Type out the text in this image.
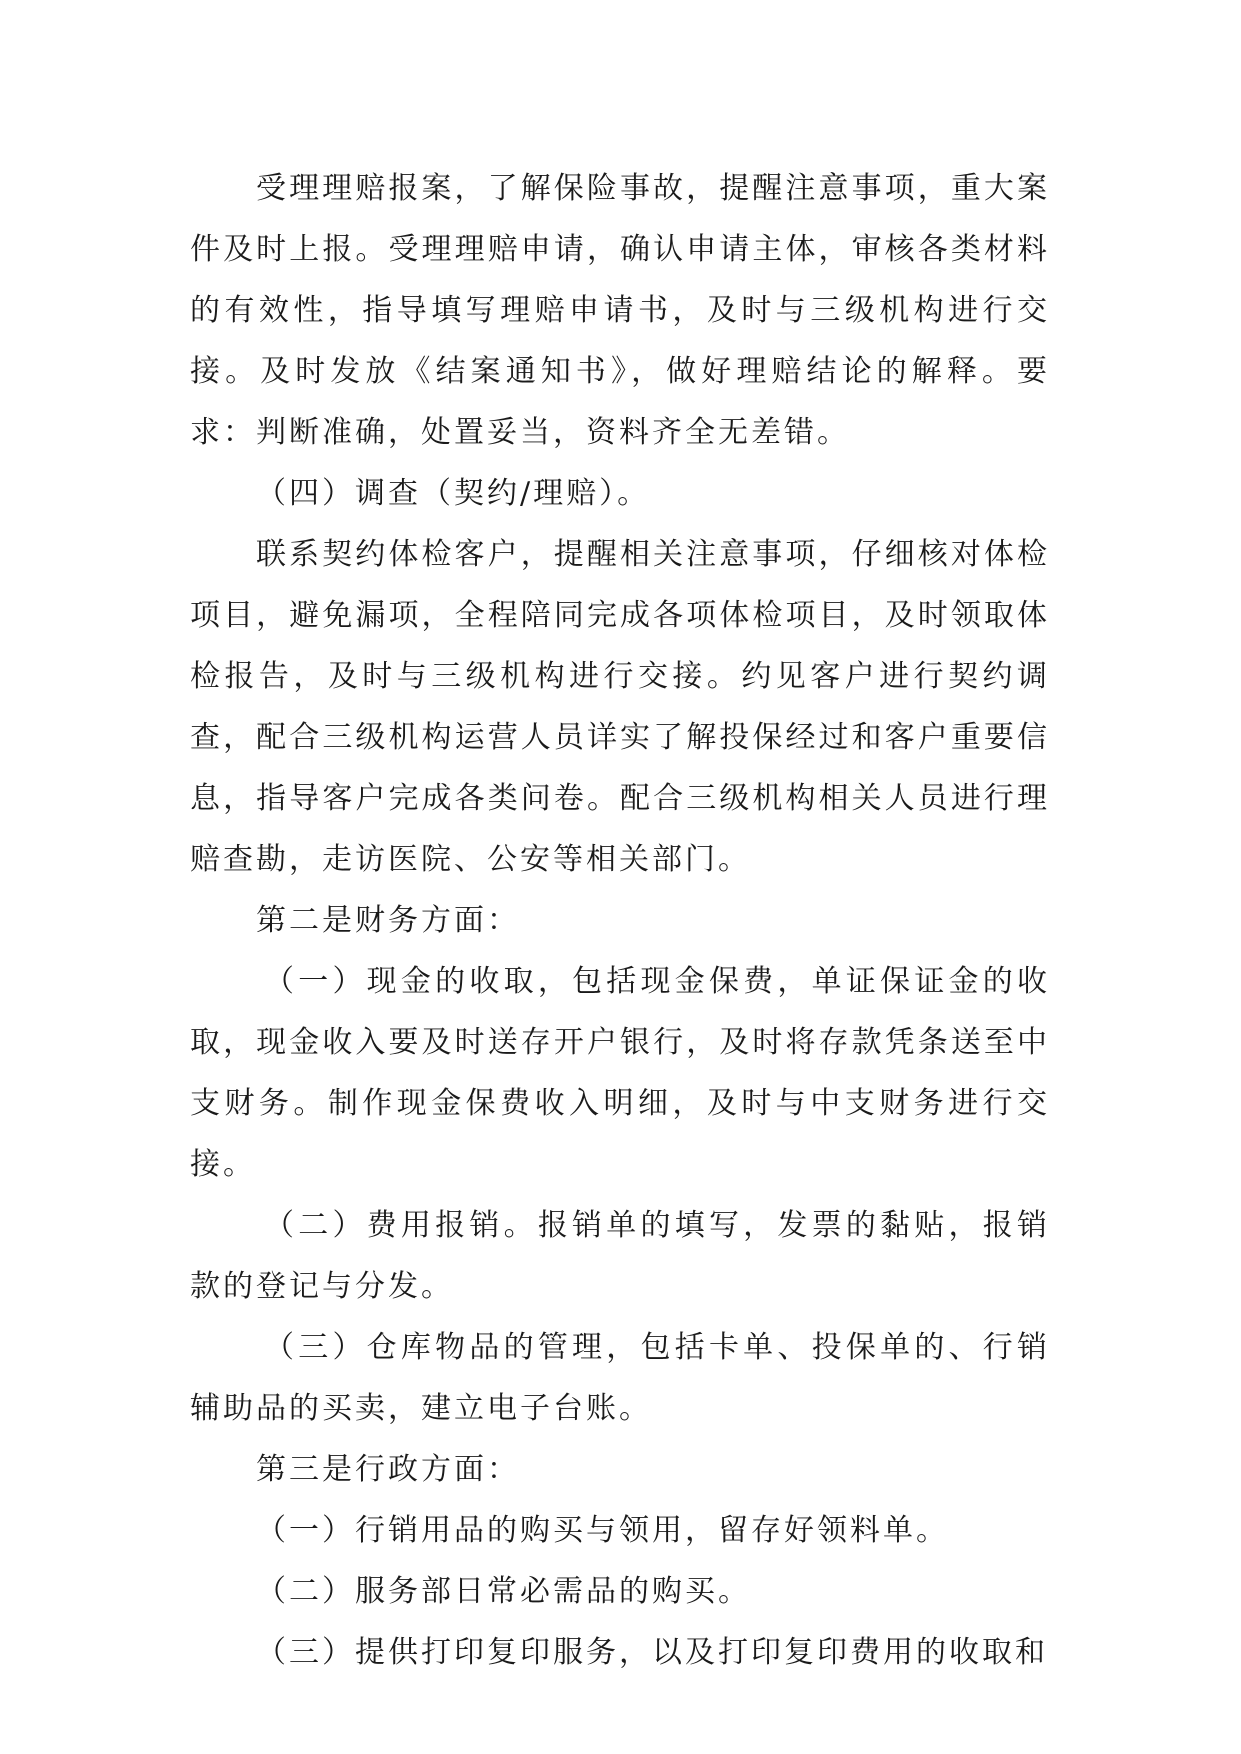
受理理赔报案，了解保险事故，提醒注意事项，重大案件及时上报。受理理赔申请，确认申请主体，审核各类材料的有效性，指导填写理赔申请书，及时与三级机构进行交接。及时发放《结案通知书》，做好理赔结论的解释。要求：判断准确，处置妥当，资料齐全无差错。

（四）调查（契约/理赔）。

联系契约体检客户，提醒相关注意事项，仔细核对体检项目，避免漏项，全程陪同完成各项体检项目，及时领取体检报告，及时与三级机构进行交接。约见客户进行契约调查，配合三级机构运营人员详实了解投保经过和客户重要信息，指导客户完成各类问卷。配合三级机构相关人员进行理赔查勘，走访医院、公安等相关部门。

第二是财务方面：

（一）现金的收取，包括现金保费，单证保证金的收取，现金收入要及时送存开户银行，及时将存款凭条送至中支财务。制作现金保费收入明细，及时与中支财务进行交接。

（二）费用报销。报销单的填写，发票的黏贴，报销款的登记与分发。

（三）仓库物品的管理，包括卡单、投保单的、行销辅助品的买卖，建立电子台账。

第三是行政方面：

（一）行销用品的购买与领用，留存好领料单。

（二）服务部日常必需品的购买。

（三）提供打印复印服务，以及打印复印费用的收取和
